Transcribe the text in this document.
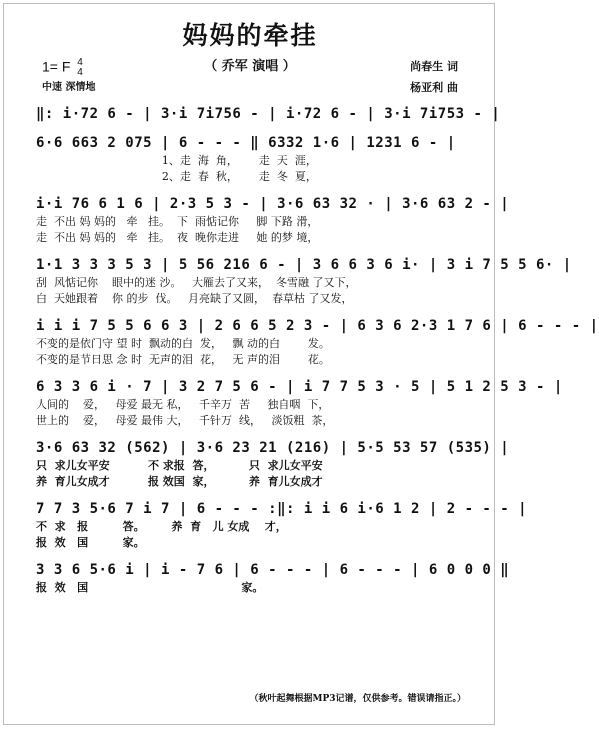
妈妈的牵挂
（ 乔军 演唱 ）
1= F 4
4
中速 深情地
尚春生 词
杨亚利 曲
‖: i·72 6 - | 3·i 7i756 - | i·72 6 - | 3·i 7i753 - |
6·6 663 2 075 | 6 - - - ‖ 6332 1·6 | 1231 6 - |
1、走  海  角，      走  天  涯，
2、走  春  秋，      走  冬  夏，
i·i 76 6 1 6 | 2·3 5 3 - | 3·6 63 32 · | 3·6 63 2 - |
走  不出 妈 妈的   牵   挂。  下  雨惦记你     脚 下路 滑，
走  不出 妈 妈的   牵   挂。  夜  晚你走进     她 的梦 境，
1·1 3 3 3 5 3 | 5 56 216 6 - | 3 6 6 3 6 i· | 3 i 7 5 5 6· |
刮  风惦记你    眼中的迷 沙。   大雁去了又来，  冬雪融 了又下，
白  天她跟着    你 的步  伐。   月亮缺了又圆，  春草枯 了又发，
i i i 7 5 5 6 6 3 | 2 6 6 5 2 3 - | 6 3 6 2·3 1 7 6 | 6 - - - |
不变的是依门守 望 时  飘动的白  发，   飘 动的白        发。
不变的是节日思 念 时  无声的泪  花，   无 声的泪        花。
6 3 3 6 i · 7 | 3 2 7 5 6 - | i 7 7 5 3 · 5 | 5 1 2 5 3 - |
人间的    爱，   母爱 最无 私，   千辛万  苦     独自咽  下，
世上的    爱，   母爱 最伟 大，   千针万  线，   淡饭粗  茶，
3·6 63 32 (562) | 3·6 23 21 (216) | 5·5 53 57 (535) |
只  求儿女平安          不 求报  答，         只  求儿女平安
养  育儿女成才          报 效国  家，         养  育儿女成才
7 7 3 5·6 7 i 7 | 6 - - - :‖: i i 6 i·6 1 2 | 2 - - - |
不  求   报         答。       养  育   儿 女成    才，
报  效   国         家。
3 3 6 5·6 i | i - 7 6 | 6 - - - | 6 - - - | 6 0 0 0 ‖
报  效   国                                        家。
（秋叶起舞根据MP3记谱，仅供参考。错误请指正。）
